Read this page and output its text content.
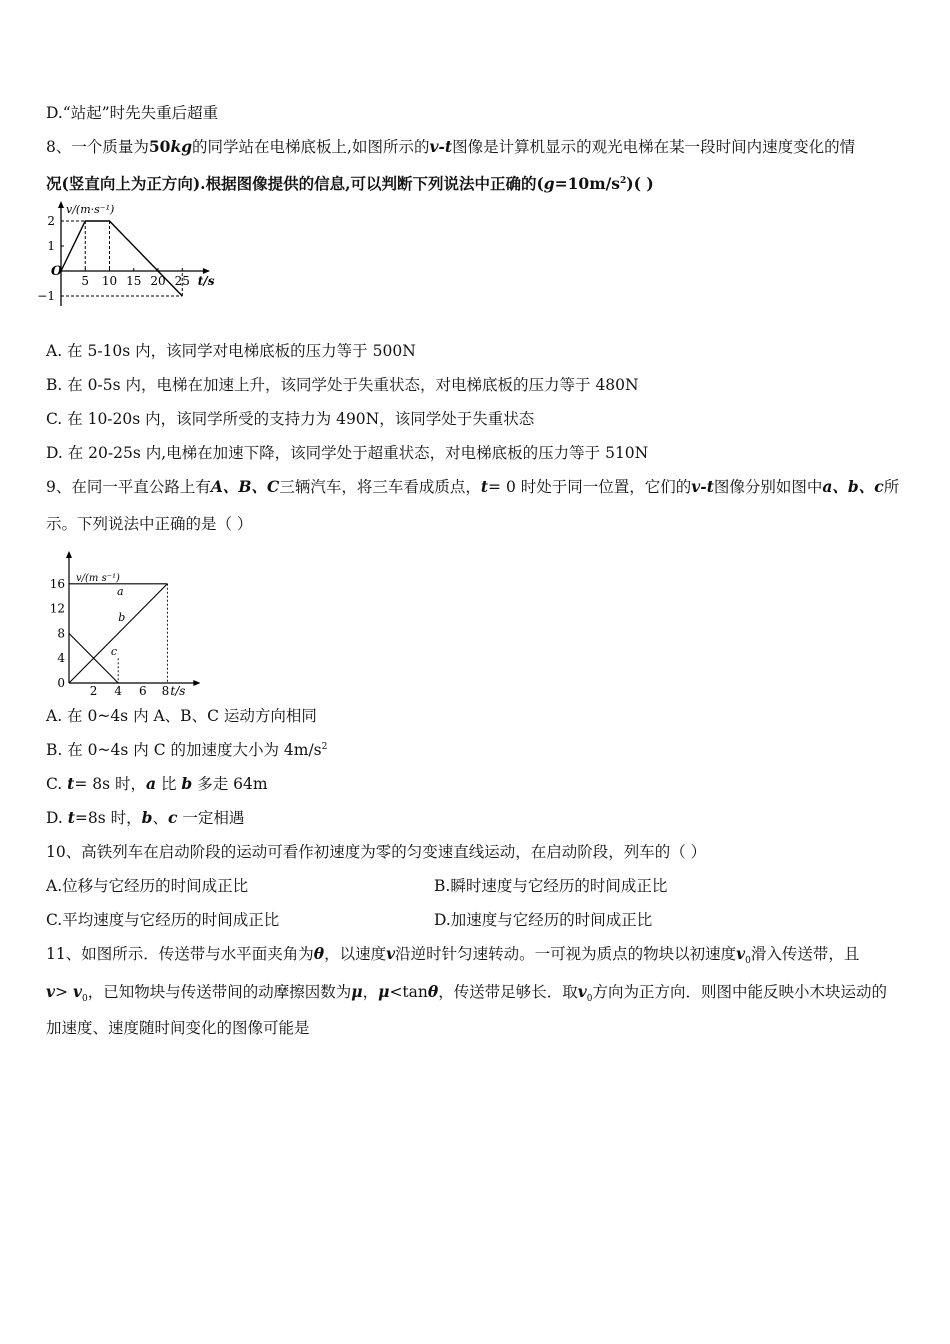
D.“站起”时先失重后超重
8、一个质量为50kg的同学站在电梯底板上,如图所示的v-t图像是计算机显示的观光电梯在某一段时间内速度变化的情
况(竖直向上为正方向).根据图像提供的信息,可以判断下列说法中正确的$(g=10m/s^2)$( )
v/(m·s⁻¹)
t/s
O
2
1
−1
5 10 15 20 25
A. 在 5-10s 内，该同学对电梯底板的压力等于 500N
B. 在 0-5s 内，电梯在加速上升，该同学处于失重状态，对电梯底板的压力等于 480N
C. 在 10-20s 内，该同学所受的支持力为 490N，该同学处于失重状态
D. 在 20-25s 内,电梯在加速下降，该同学处于超重状态，对电梯底板的压力等于 510N
9、在同一平直公路上有A、B、C三辆汽车，将三车看成质点，t= 0 时处于同一位置，它们的v-t图像分别如图中a、b、c所
示。下列说法中正确的是（ ）
v/(m s⁻¹)
t/s
16
12
8
4
0
2 4 6 8
a
b
c
A. 在 0~4s 内 A、B、C 运动方向相同
B. 在 0~4s 内 C 的加速度大小为 $4m/s^2$
C. t= 8s 时，a 比 b 多走 64m
D. t=8s 时，b、c 一定相遇
10、高铁列车在启动阶段的运动可看作初速度为零的匀变速直线运动，在启动阶段，列车的（ ）
A.位移与它经历的时间成正比	B.瞬时速度与它经历的时间成正比
C.平均速度与它经历的时间成正比	D.加速度与它经历的时间成正比
11、如图所示．传送带与水平面夹角为θ，以速度v沿逆时针匀速转动。一可视为质点的物块以初速度$v_0$滑入传送带，且
$v> v_0$，已知物块与传送带间的动摩擦因数为μ，μ<tanθ，传送带足够长．取$v_0$方向为正方向．则图中能反映小木块运动的
加速度、速度随时间变化的图像可能是
